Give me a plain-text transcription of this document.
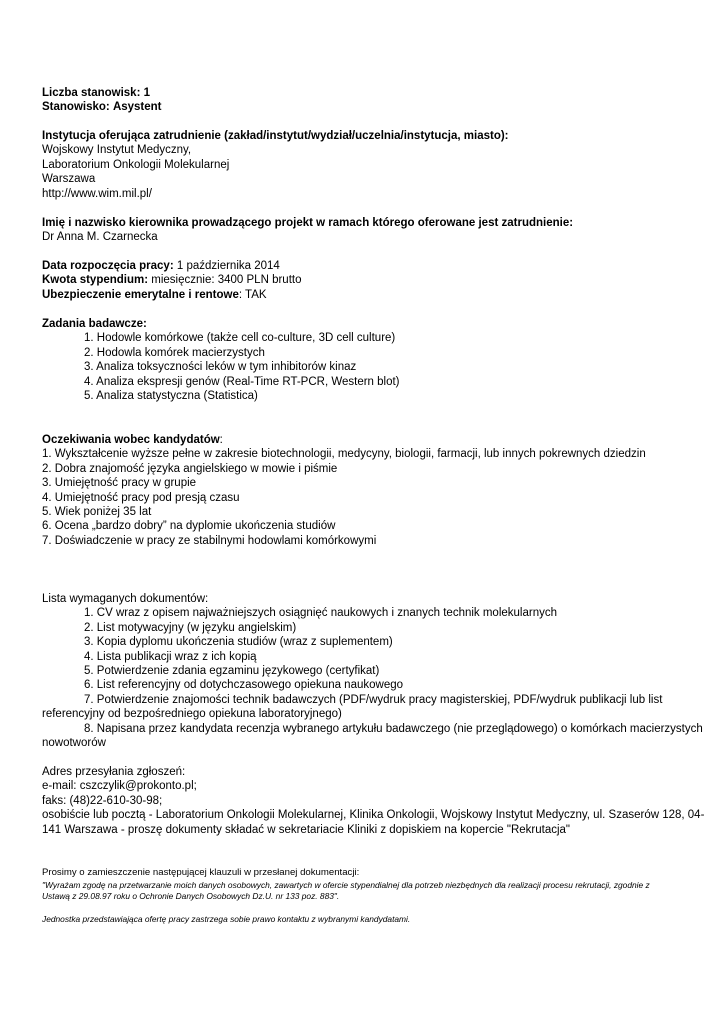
Liczba stanowisk: 1
Stanowisko: Asystent
Instytucja oferująca zatrudnienie (zakład/instytut/wydział/uczelnia/instytucja, miasto):
Wojskowy Instytut Medyczny,
Laboratorium Onkologii Molekularnej
Warszawa
http://www.wim.mil.pl/
Imię i nazwisko kierownika prowadzącego projekt w ramach którego oferowane jest zatrudnienie:
Dr Anna M. Czarnecka
Data rozpoczęcia pracy: 1 października 2014
Kwota stypendium: miesięcznie: 3400 PLN brutto
Ubezpieczenie emerytalne i rentowe: TAK
Zadania badawcze:
1. Hodowle komórkowe (także cell co-culture, 3D cell culture)
2. Hodowla komórek macierzystych
3. Analiza toksyczności leków w tym inhibitorów kinaz
4. Analiza ekspresji genów (Real-Time RT-PCR, Western blot)
5. Analiza statystyczna (Statistica)
Oczekiwania wobec kandydatów:
1. Wykształcenie wyższe pełne w zakresie biotechnologii, medycyny, biologii, farmacji, lub innych pokrewnych dziedzin
2. Dobra znajomość języka angielskiego w mowie i piśmie
3. Umiejętność pracy w grupie
4. Umiejętność pracy pod presją czasu
5. Wiek poniżej 35 lat
6. Ocena „bardzo dobry” na dyplomie ukończenia studiów
7. Doświadczenie w pracy ze stabilnymi hodowlami komórkowymi
Lista wymaganych dokumentów:
1. CV wraz z opisem najważniejszych osiągnięć naukowych i znanych technik molekularnych
2. List motywacyjny (w języku angielskim)
3. Kopia dyplomu ukończenia studiów (wraz z suplementem)
4. Lista publikacji wraz z ich kopią
5. Potwierdzenie zdania egzaminu językowego (certyfikat)
6. List referencyjny od dotychczasowego opiekuna naukowego
7. Potwierdzenie znajomości technik badawczych (PDF/wydruk pracy magisterskiej, PDF/wydruk publikacji lub list
referencyjny od bezpośredniego opiekuna laboratoryjnego)
8. Napisana przez kandydata recenzja wybranego artykułu badawczego (nie przeglądowego) o komórkach macierzystych
nowotworów
Adres przesyłania zgłoszeń:
e-mail: cszczylik@prokonto.pl;
faks: (48)22-610-30-98;
osobiście lub pocztą - Laboratorium Onkologii Molekularnej, Klinika Onkologii, Wojskowy Instytut Medyczny, ul. Szaserów 128, 04-
141 Warszawa - proszę dokumenty składać w sekretariacie Kliniki z dopiskiem na kopercie "Rekrutacja"
Prosimy o zamieszczenie następującej klauzuli w przesłanej dokumentacji:
"Wyrażam zgodę na przetwarzanie moich danych osobowych, zawartych w ofercie stypendialnej dla potrzeb niezbędnych dla realizacji procesu rekrutacji, zgodnie z
Ustawą z 29.08.97 roku o Ochronie Danych Osobowych Dz.U. nr 133 poz. 883".
Jednostka przedstawiająca ofertę pracy zastrzega sobie prawo kontaktu z wybranymi kandydatami.
